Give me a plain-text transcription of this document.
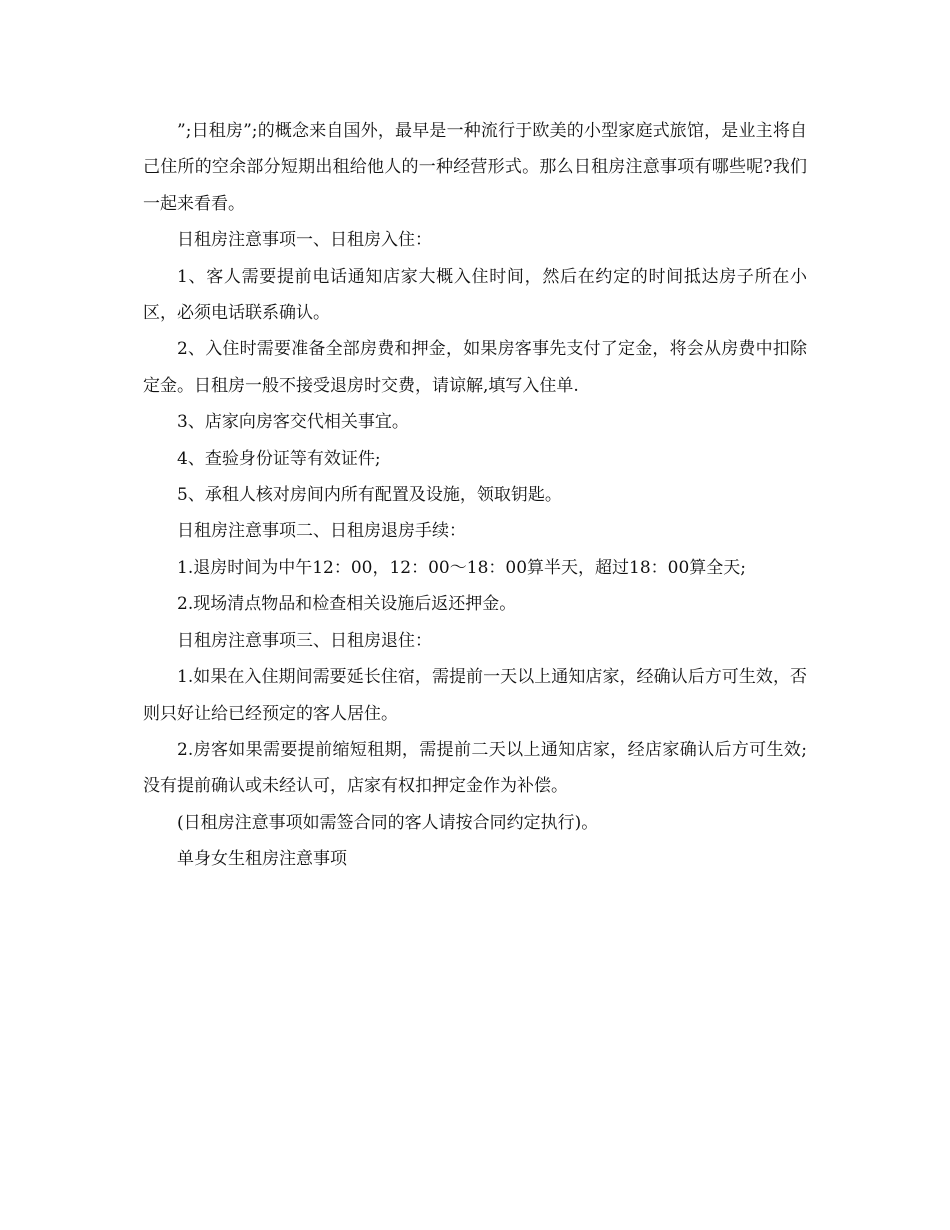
”;日租房”;的概念来自国外，最早是一种流行于欧美的小型家庭式旅馆，是业主将自己住所的空余部分短期出租给他人的一种经营形式。那么日租房注意事项有哪些呢?我们一起来看看。

日租房注意事项一、日租房入住：

1、客人需要提前电话通知店家大概入住时间，然后在约定的时间抵达房子所在小区，必须电话联系确认。

2、入住时需要准备全部房费和押金，如果房客事先支付了定金，将会从房费中扣除定金。日租房一般不接受退房时交费，请谅解,填写入住单.

3、店家向房客交代相关事宜。

4、查验身份证等有效证件;

5、承租人核对房间内所有配置及设施，领取钥匙。

日租房注意事项二、日租房退房手续：

1.退房时间为中午12：00，12：00～18：00算半天，超过18：00算全天;

2.现场清点物品和检查相关设施后返还押金。

日租房注意事项三、日租房退住：

1.如果在入住期间需要延长住宿，需提前一天以上通知店家，经确认后方可生效，否则只好让给已经预定的客人居住。

2.房客如果需要提前缩短租期，需提前二天以上通知店家，经店家确认后方可生效;没有提前确认或未经认可，店家有权扣押定金作为补偿。

(日租房注意事项如需签合同的客人请按合同约定执行)。

单身女生租房注意事项
